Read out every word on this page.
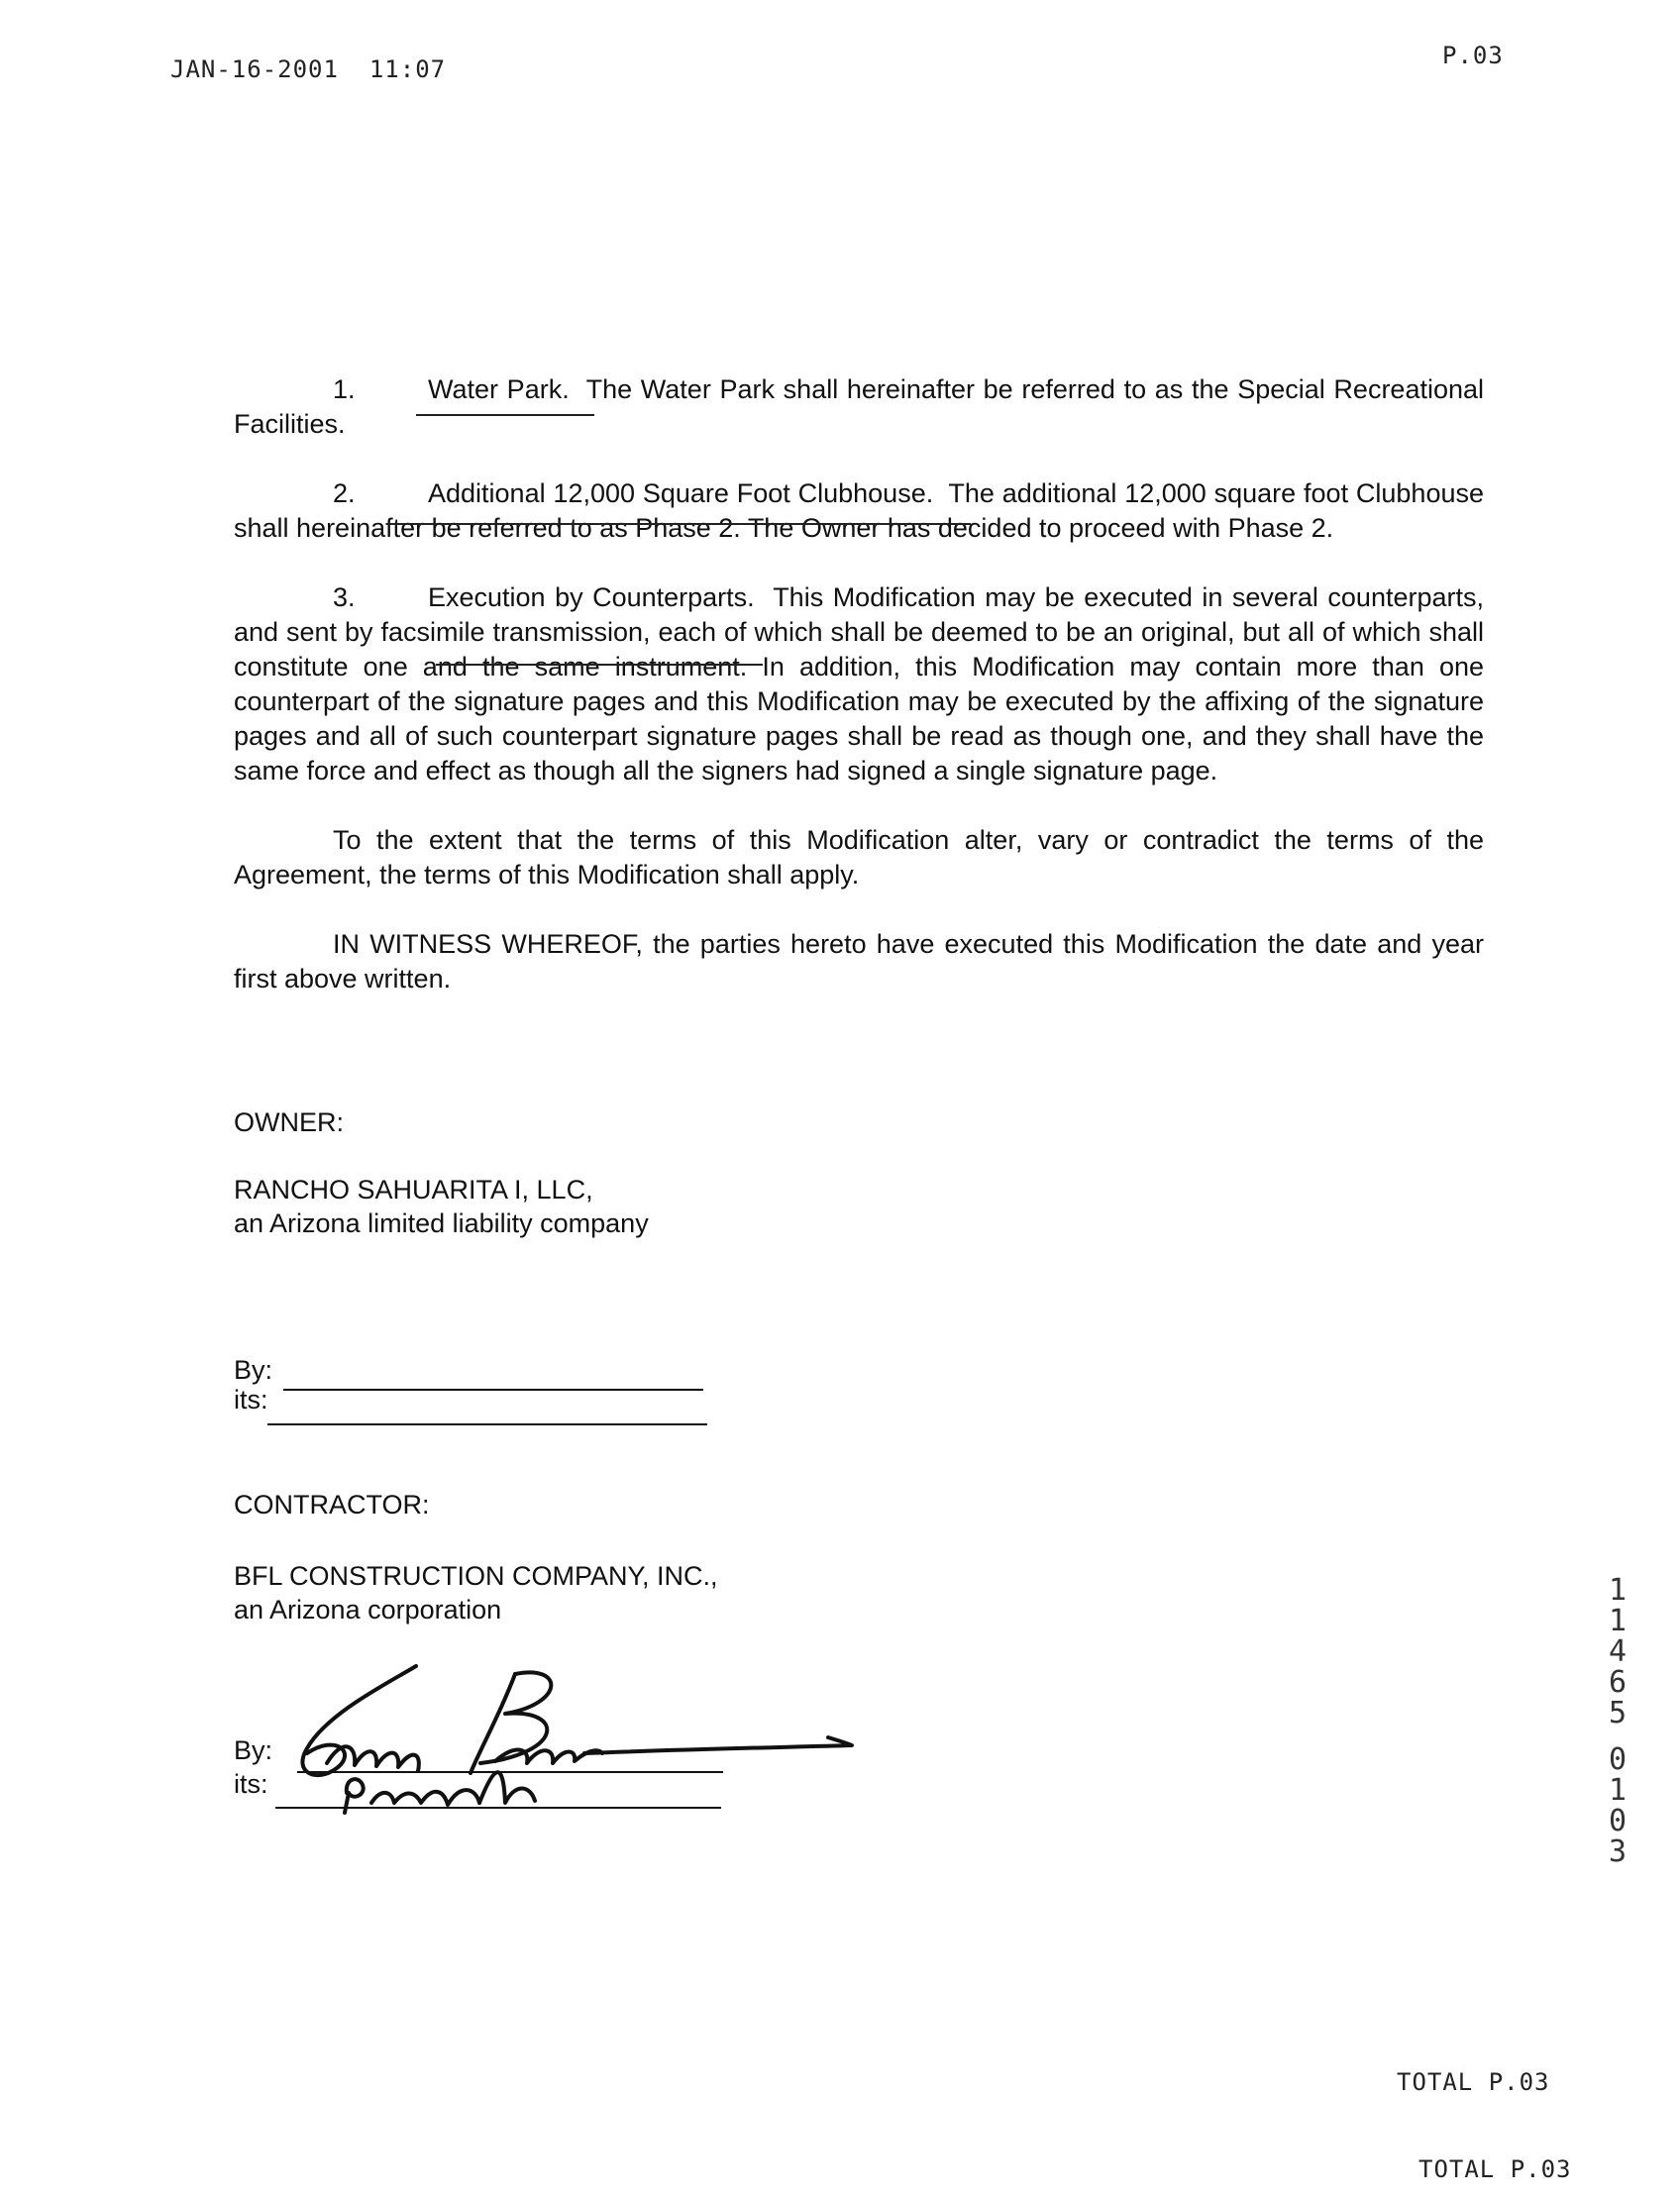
JAN-16-2001  11:07	P.03

1.	Water Park. The Water Park shall hereinafter be referred to as the Special Recreational Facilities.

2.	Additional 12,000 Square Foot Clubhouse. The additional 12,000 square foot Clubhouse shall hereinafter be referred to as Phase 2. The Owner has decided to proceed with Phase 2.

3.	Execution by Counterparts. This Modification may be executed in several counterparts, and sent by facsimile transmission, each of which shall be deemed to be an original, but all of which shall constitute one and the same instrument. In addition, this Modification may contain more than one counterpart of the signature pages and this Modification may be executed by the affixing of the signature pages and all of such counterpart signature pages shall be read as though one, and they shall have the same force and effect as though all the signers had signed a single signature page.

To the extent that the terms of this Modification alter, vary or contradict the terms of the Agreement, the terms of this Modification shall apply.

IN WITNESS WHEREOF, the parties hereto have executed this Modification the date and year first above written.

OWNER:
RANCHO SAHUARITA I, LLC,
an Arizona limited liability company
By:
its:
CONTRACTOR:
BFL CONSTRUCTION COMPANY, INC.,
an Arizona corporation
By:
its:
1
1
4
6
5
0
1
0
3
TOTAL P.03
TOTAL P.03
